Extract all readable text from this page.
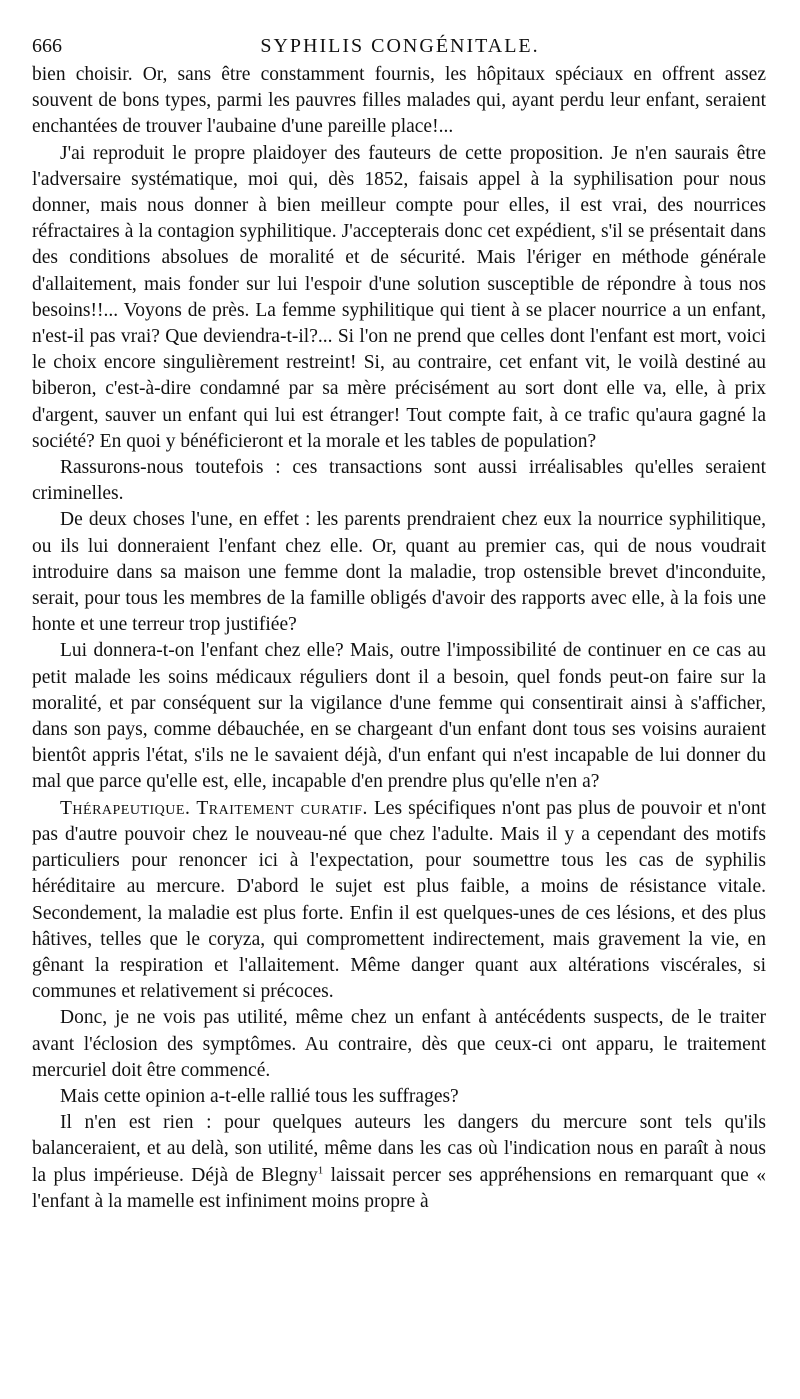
666	SYPHILIS CONGÉNITALE.

bien choisir. Or, sans être constamment fournis, les hôpitaux spéciaux en offrent assez souvent de bons types, parmi les pauvres filles malades qui, ayant perdu leur enfant, seraient enchantées de trouver l'aubaine d'une pareille place!...

J'ai reproduit le propre plaidoyer des fauteurs de cette proposition. Je n'en saurais être l'adversaire systématique, moi qui, dès 1852, faisais appel à la syphilisation pour nous donner, mais nous donner à bien meilleur compte pour elles, il est vrai, des nourrices réfractaires à la contagion syphilitique. J'accepterais donc cet expédient, s'il se présentait dans des conditions absolues de moralité et de sécurité. Mais l'ériger en méthode générale d'allaitement, mais fonder sur lui l'espoir d'une solution susceptible de répondre à tous nos besoins!!... Voyons de près. La femme syphilitique qui tient à se placer nourrice a un enfant, n'est-il pas vrai? Que deviendra-t-il?... Si l'on ne prend que celles dont l'enfant est mort, voici le choix encore singulièrement restreint! Si, au contraire, cet enfant vit, le voilà destiné au biberon, c'est-à-dire condamné par sa mère précisément au sort dont elle va, elle, à prix d'argent, sauver un enfant qui lui est étranger! Tout compte fait, à ce trafic qu'aura gagné la société? En quoi y bénéficieront et la morale et les tables de population?

Rassurons-nous toutefois : ces transactions sont aussi irréalisables qu'elles seraient criminelles.

De deux choses l'une, en effet : les parents prendraient chez eux la nourrice syphilitique, ou ils lui donneraient l'enfant chez elle. Or, quant au premier cas, qui de nous voudrait introduire dans sa maison une femme dont la maladie, trop ostensible brevet d'inconduite, serait, pour tous les membres de la famille obligés d'avoir des rapports avec elle, à la fois une honte et une terreur trop justifiée?

Lui donnera-t-on l'enfant chez elle? Mais, outre l'impossibilité de continuer en ce cas au petit malade les soins médicaux réguliers dont il a besoin, quel fonds peut-on faire sur la moralité, et par conséquent sur la vigilance d'une femme qui consentirait ainsi à s'afficher, dans son pays, comme débauchée, en se chargeant d'un enfant dont tous ses voisins auraient bientôt appris l'état, s'ils ne le savaient déjà, d'un enfant qui n'est incapable de lui donner du mal que parce qu'elle est, elle, incapable d'en prendre plus qu'elle n'en a?

Thérapeutique. Traitement curatif. Les spécifiques n'ont pas plus de pouvoir et n'ont pas d'autre pouvoir chez le nouveau-né que chez l'adulte. Mais il y a cependant des motifs particuliers pour renoncer ici à l'expectation, pour soumettre tous les cas de syphilis héréditaire au mercure. D'abord le sujet est plus faible, a moins de résistance vitale. Secondement, la maladie est plus forte. Enfin il est quelques-unes de ces lésions, et des plus hâtives, telles que le coryza, qui compromettent indirectement, mais gravement la vie, en gênant la respiration et l'allaitement. Même danger quant aux altérations viscérales, si communes et relativement si précoces.

Donc, je ne vois pas utilité, même chez un enfant à antécédents suspects, de le traiter avant l'éclosion des symptômes. Au contraire, dès que ceux-ci ont apparu, le traitement mercuriel doit être commencé.

Mais cette opinion a-t-elle rallié tous les suffrages?

Il n'en est rien : pour quelques auteurs les dangers du mercure sont tels qu'ils balanceraient, et au delà, son utilité, même dans les cas où l'indication nous en paraît à nous la plus impérieuse. Déjà de Blegny$^1$ laissait percer ses appréhensions en remarquant que « l'enfant à la mamelle est infiniment moins propre à
